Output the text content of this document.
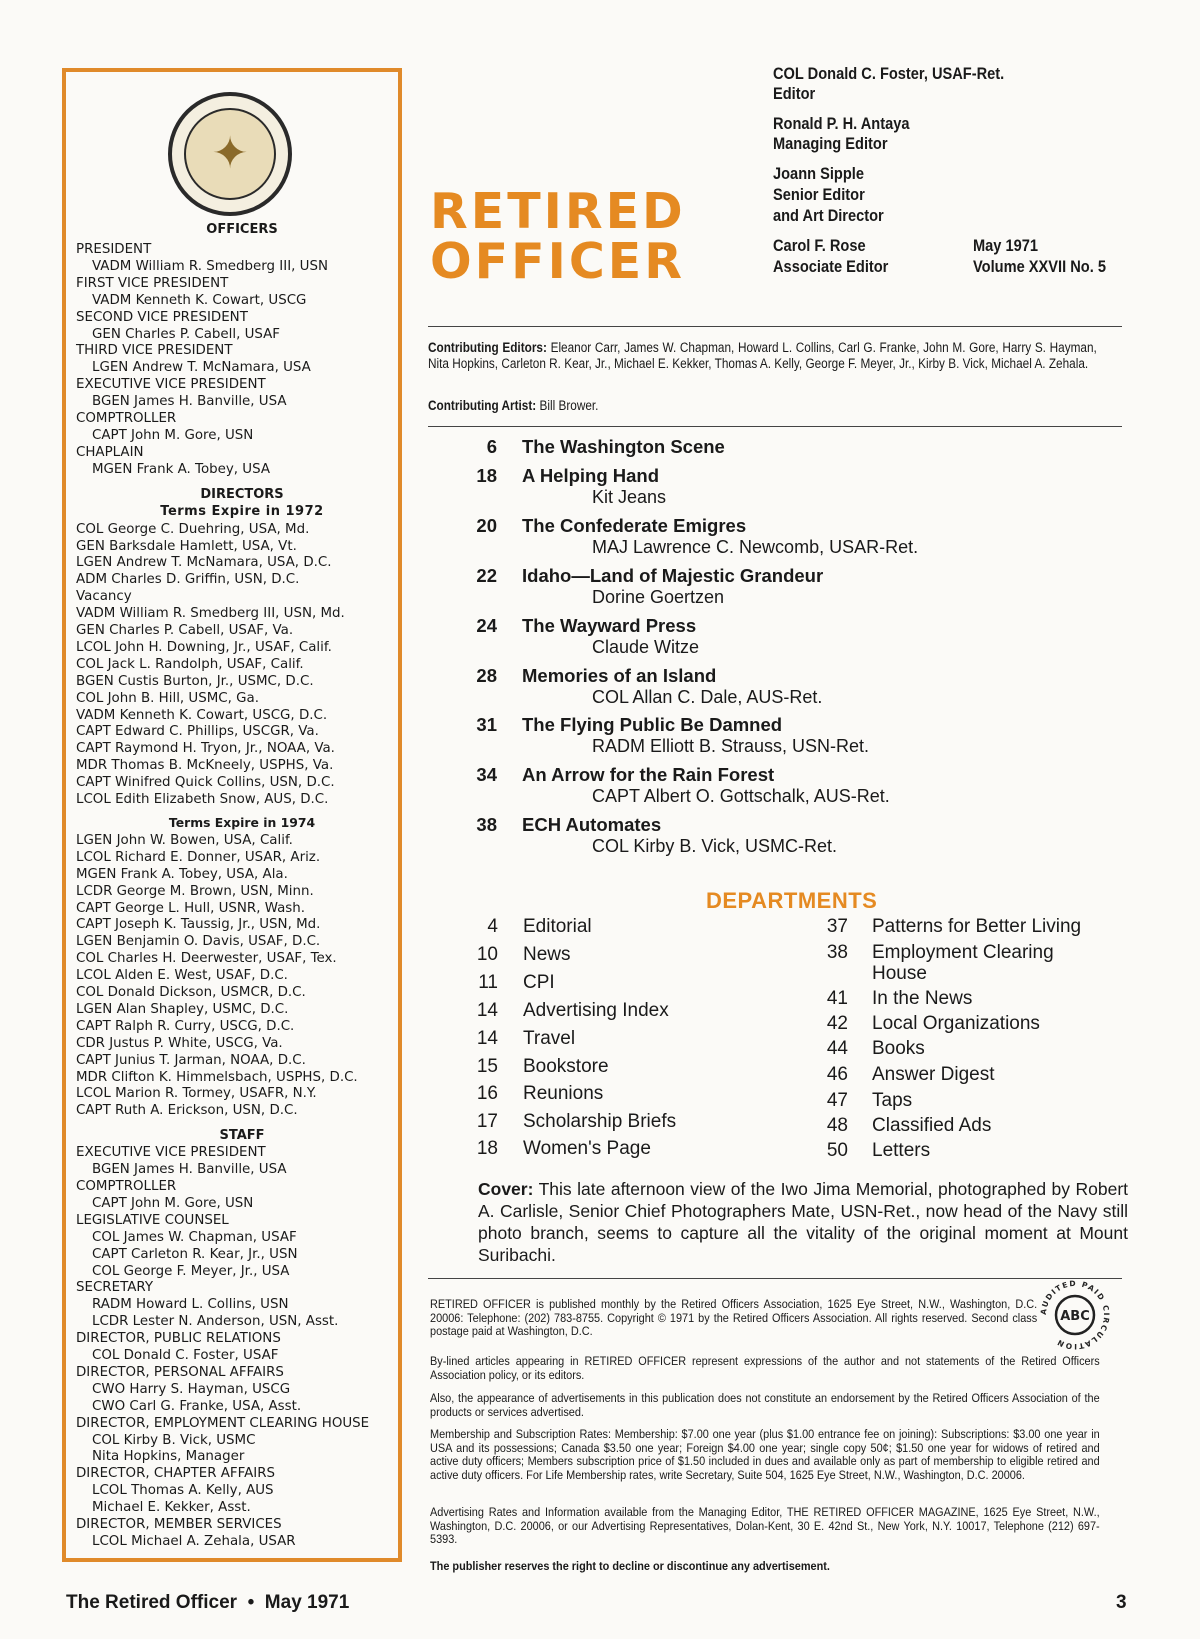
✦
OFFICERS
PRESIDENT
VADM William R. Smedberg III, USN
FIRST VICE PRESIDENT
VADM Kenneth K. Cowart, USCG
SECOND VICE PRESIDENT
GEN Charles P. Cabell, USAF
THIRD VICE PRESIDENT
LGEN Andrew T. McNamara, USA
EXECUTIVE VICE PRESIDENT
BGEN James H. Banville, USA
COMPTROLLER
CAPT John M. Gore, USN
CHAPLAIN
MGEN Frank A. Tobey, USA
DIRECTORS
Terms Expire in 1972
COL George C. Duehring, USA, Md.
GEN Barksdale Hamlett, USA, Vt.
LGEN Andrew T. McNamara, USA, D.C.
ADM Charles D. Griffin, USN, D.C.
Vacancy
VADM William R. Smedberg III, USN, Md.
GEN Charles P. Cabell, USAF, Va.
LCOL John H. Downing, Jr., USAF, Calif.
COL Jack L. Randolph, USAF, Calif.
BGEN Custis Burton, Jr., USMC, D.C.
COL John B. Hill, USMC, Ga.
VADM Kenneth K. Cowart, USCG, D.C.
CAPT Edward C. Phillips, USCGR, Va.
CAPT Raymond H. Tryon, Jr., NOAA, Va.
MDR Thomas B. McKneely, USPHS, Va.
CAPT Winifred Quick Collins, USN, D.C.
LCOL Edith Elizabeth Snow, AUS, D.C.
Terms Expire in 1974
LGEN John W. Bowen, USA, Calif.
LCOL Richard E. Donner, USAR, Ariz.
MGEN Frank A. Tobey, USA, Ala.
LCDR George M. Brown, USN, Minn.
CAPT George L. Hull, USNR, Wash.
CAPT Joseph K. Taussig, Jr., USN, Md.
LGEN Benjamin O. Davis, USAF, D.C.
COL Charles H. Deerwester, USAF, Tex.
LCOL Alden E. West, USAF, D.C.
COL Donald Dickson, USMCR, D.C.
LGEN Alan Shapley, USMC, D.C.
CAPT Ralph R. Curry, USCG, D.C.
CDR Justus P. White, USCG, Va.
CAPT Junius T. Jarman, NOAA, D.C.
MDR Clifton K. Himmelsbach, USPHS, D.C.
LCOL Marion R. Tormey, USAFR, N.Y.
CAPT Ruth A. Erickson, USN, D.C.
STAFF
EXECUTIVE VICE PRESIDENT
BGEN James H. Banville, USA
COMPTROLLER
CAPT John M. Gore, USN
LEGISLATIVE COUNSEL
COL James W. Chapman, USAF
CAPT Carleton R. Kear, Jr., USN
COL George F. Meyer, Jr., USA
SECRETARY
RADM Howard L. Collins, USN
LCDR Lester N. Anderson, USN, Asst.
DIRECTOR, PUBLIC RELATIONS
COL Donald C. Foster, USAF
DIRECTOR, PERSONAL AFFAIRS
CWO Harry S. Hayman, USCG
CWO Carl G. Franke, USA, Asst.
DIRECTOR, EMPLOYMENT CLEARING HOUSE
COL Kirby B. Vick, USMC
Nita Hopkins, Manager
DIRECTOR, CHAPTER AFFAIRS
LCOL Thomas A. Kelly, AUS
Michael E. Kekker, Asst.
DIRECTOR, MEMBER SERVICES
LCOL Michael A. Zehala, USAR
RETIRED
OFFICER
COL Donald C. Foster, USAF-Ret.
Editor
Ronald P. H. Antaya
Managing Editor
Joann Sipple
Senior Editor
and Art Director
Carol F. Rose
Associate Editor
May 1971
Volume XXVII No. 5
Contributing Editors: Eleanor Carr, James W. Chapman, Howard L. Collins, Carl G. Franke, John M. Gore, Harry S. Hayman, Nita Hopkins, Carleton R. Kear, Jr., Michael E. Kekker, Thomas A. Kelly, George F. Meyer, Jr., Kirby B. Vick, Michael A. Zehala.
Contributing Artist: Bill Brower.
6 The Washington Scene
18 A Helping Hand
Kit Jeans
20 The Confederate Emigres
MAJ Lawrence C. Newcomb, USAR-Ret.
22 Idaho—Land of Majestic Grandeur
Dorine Goertzen
24 The Wayward Press
Claude Witze
28 Memories of an Island
COL Allan C. Dale, AUS-Ret.
31 The Flying Public Be Damned
RADM Elliott B. Strauss, USN-Ret.
34 An Arrow for the Rain Forest
CAPT Albert O. Gottschalk, AUS-Ret.
38 ECH Automates
COL Kirby B. Vick, USMC-Ret.
DEPARTMENTS
4 Editorial
10 News
11 CPI
14 Advertising Index
14 Travel
15 Bookstore
16 Reunions
17 Scholarship Briefs
18 Women's Page
37 Patterns for Better Living
38 Employment Clearing
House
41 In the News
42 Local Organizations
44 Books
46 Answer Digest
47 Taps
48 Classified Ads
50 Letters
Cover: This late afternoon view of the Iwo Jima Memorial, photographed by Robert A. Carlisle, Senior Chief Photographers Mate, USN-Ret., now head of the Navy still photo branch, seems to capture all the vitality of the original moment at Mount Suribachi.
RETIRED OFFICER is published monthly by the Retired Officers Association, 1625 Eye Street, N.W., Washington, D.C. 20006: Telephone: (202) 783-8755. Copyright © 1971 by the Retired Officers Association. All rights reserved. Second class postage paid at Washington, D.C.
By-lined articles appearing in RETIRED OFFICER represent expressions of the author and not statements of the Retired Officers Association policy, or its editors.
Also, the appearance of advertisements in this publication does not constitute an endorsement by the Retired Officers Association of the products or services advertised.
Membership and Subscription Rates: Membership: $7.00 one year (plus $1.00 entrance fee on joining): Subscriptions: $3.00 one year in USA and its possessions; Canada $3.50 one year; Foreign $4.00 one year; single copy 50¢; $1.50 one year for widows of retired and active duty officers; Members subscription price of $1.50 included in dues and available only as part of membership to eligible retired and active duty officers. For Life Membership rates, write Secretary, Suite 504, 1625 Eye Street, N.W., Washington, D.C. 20006.
Advertising Rates and Information available from the Managing Editor, THE RETIRED OFFICER MAGAZINE, 1625 Eye Street, N.W., Washington, D.C. 20006, or our Advertising Representatives, Dolan-Kent, 30 E. 42nd St., New York, N.Y. 10017, Telephone (212) 697-5393.
The publisher reserves the right to decline or discontinue any advertisement.
ABC
AUDITED PAID CIRCULATION
The Retired Officer  •  May 1971	3
